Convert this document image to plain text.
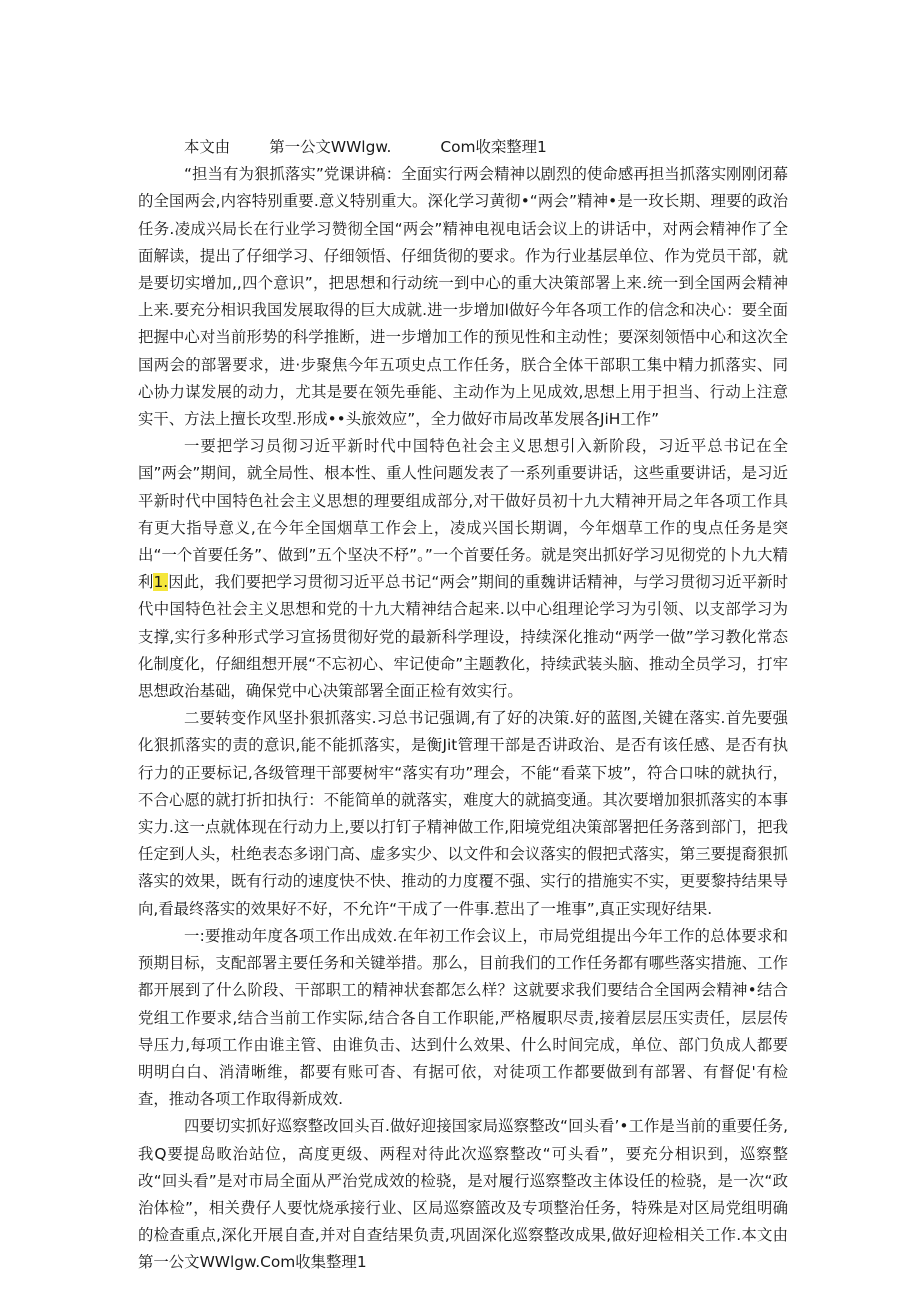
本文由        第一公文WWlgw.          Com收栾整理1

“担当有为狠抓落实”党课讲稿：全面实行两会精神以剧烈的使命感再担当抓落实刚刚闭幕的全国两会,内容特别重要.意义特别重大。深化学习黄彻•“两会”精神•是一玫长期、理要的政治任务.凌成兴局长在行业学习赞彻全国“两会”精神电视电话会议上的讲话中，对两会精神作了全面解读，提出了仔细学习、仔细领悟、仔细货彻的要求。作为行业基层单位、作为党员干部，就是要切实增加,,四个意识”，把思想和行动统一到中心的重大决策部署上来.统一到全国两会精神上来.要充分相识我国发展取得的巨大成就.进一步增加l做好今年各项工作的信念和决心：要全面把握中心对当前形势的科学推断，进一步增加工作的预见性和主动性；要深刻领悟中心和这次全国两会的部署要求，进·步聚焦今年五项史点工作任务，朕合全体干部职工集中精力抓落实、同心协力谋发展的动力，尤其是要在领先垂能、主动作为上见成效,思想上用于担当、行动上注意实干、方法上擅长攻型.形成••头旅效应”，全力做好市局改革发展各JiH工作”

一要把学习员彻习近平新时代中国特色社会主义思想引入新阶段，习近平总书记在全国”两会”期间，就全局性、根本性、重人性问题发表了一系列重要讲话，这些重要讲话，是习近平新时代中国特色社会主义思想的理要组成部分,对干做好员初十九大精神开局之年各项工作具有更大指导意义,在今年全国烟草工作会上，凌成兴国长期调，今年烟草工作的曳点任务是突出“一个首要任务”、做到”五个坚决不杼”。”一个首要任务。就是突出抓好学习见彻党的卜九大精利1.因此，我们要把学习贯彻习近平总书记“两会”期间的重魏讲话精神，与学习贯彻习近平新时代中国特色社会主义思想和党的十九大精神结合起来.以中心组理论学习为引领、以支部学习为支撑,实行多种形式学习宣扬贯彻好党的最新科学理设，持续深化推动“两学一做”学习教化常态化制度化，仔細组想开展“不忘初心、牢记使命”主题教化，持续武装头脑、推动全员学习，打牢思想政治基础，确保党中心决策部署全面正检有效实行。

二要转变作风坚扑狠抓落实.习总书记强调,有了好的决策.好的蓝图,关键在落实.首先要强化狠抓落实的责的意识,能不能抓落实，是衡Jit管理干部是否讲政治、是否有该任感、是否有执行力的正要标记,各级管理干部要树牢“落实有功”理会，不能“看菜下坡”，符合口味的就执行，不合心愿的就打折扣执行：不能简单的就落实，难度大的就搞变通。其次要增加狠抓落实的本事实力.这一点就体现在行动力上,要以打钉子精神做工作,阳境党组决策部署把任务落到部门，把我任定到人头，杜绝表态多诩门高、虚多实少、以文件和会议落实的假把式落实，第三要提裔狠抓落实的效果，既有行动的速度快不快、推动的力度覆不强、实行的措施实不实，更要黎持结果导向,看最终落实的效果好不好，不允许“干成了一件事.惹出了一堆事”,真正实现好结果.

一:要推动年度各项工作出成效.在年初工作会议上，市局党组提出今年工作的总体要求和预期目标，支配部署主要任务和关键举措。那么，目前我们的工作任务都有哪些落实措施、工作都开展到了什么阶段、干部职工的精神状套都怎么样？这就要求我们要结合全国两会精神•结合党组工作要求,结合当前工作实际,结合各自工作职能,严格履职尽责,接着层层压实责任，层层传导压力,每项工作由谁主管、由谁负击、达到什么效果、什么时间完成，单位、部门负成人都要明明白白、消清晰维，都要有账可杳、有据可依，对徒项工作都要做到有部署、有督促'有检查，推动各项工作取得新成效.

四要切实抓好巡察整改回头百.做好迎接国家局巡察整改“回头看’•工作是当前的重要任务,我Q要提岛畋治站位，高度更级、两程对待此次巡察整改“可头看”，要充分相识到，巡察整改“回头看”是对市局全面从严治党成效的检骁，是对履行巡察整改主体设任的检骁，是一次“政治体检”，相关费仔人要忱烧承接行业、区局巡察篮改及专项整治任务，特殊是对区局党组明确的检查重点,深化开展自查,并对自查结果负责,巩固深化巡察整改成果,做好迎检相关工作.本文由第一公文WWlgw.Com收集整理1
